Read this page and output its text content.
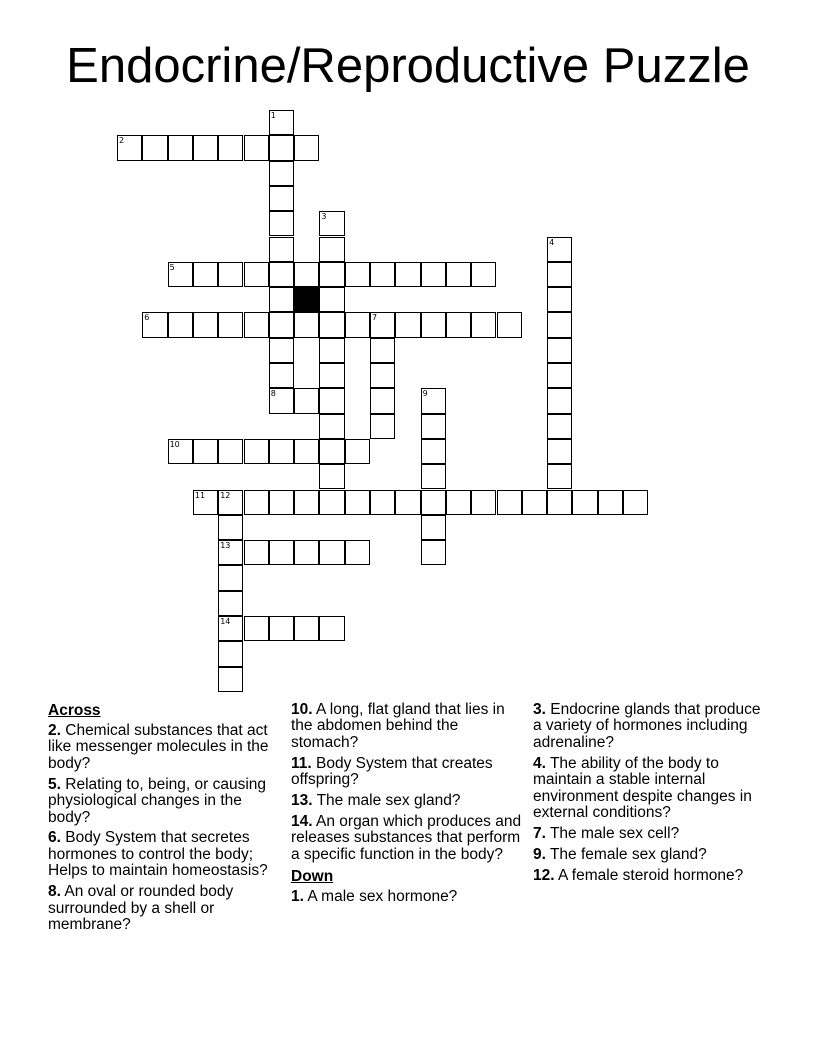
Endocrine/Reproductive Puzzle
2
5
6	7
8
10
11 12
13
14
1
3
4
9
Across
2. Chemical substances that act like messenger molecules in the body?
5. Relating to, being, or causing physiological changes in the body?
6. Body System that secretes hormones to control the body; Helps to maintain homeostasis?
8. An oval or rounded body surrounded by a shell or membrane?
10. A long, flat gland that lies in the abdomen behind the stomach?
11. Body System that creates offspring?
13. The male sex gland?
14. An organ which produces and releases substances that perform a specific function in the body?
Down
1. A male sex hormone?
3. Endocrine glands that produce a variety of hormones including adrenaline?
4. The ability of the body to maintain a stable internal environment despite changes in external conditions?
7. The male sex cell?
9. The female sex gland?
12. A female steroid hormone?
